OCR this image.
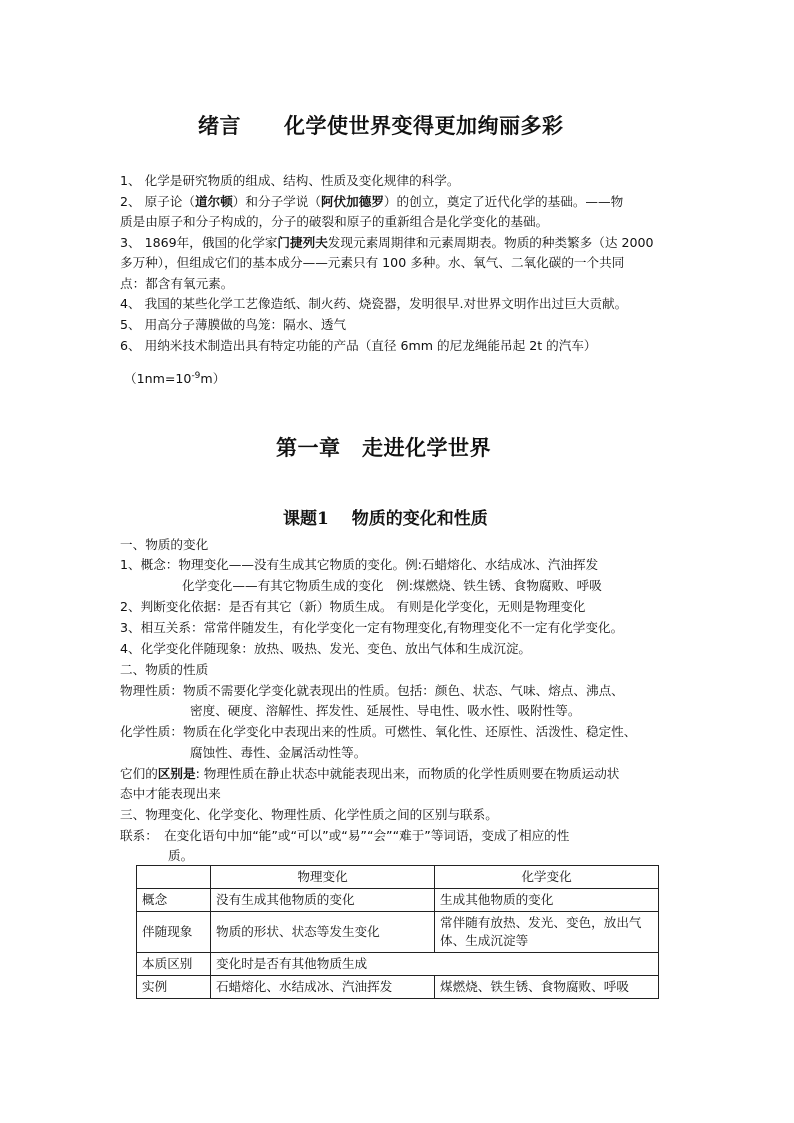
绪言　　化学使世界变得更加绚丽多彩
1、 化学是研究物质的组成、结构、性质及变化规律的科学。
2、 原子论（道尔顿）和分子学说（阿伏加德罗）的创立，奠定了近代化学的基础。——物
质是由原子和分子构成的，分子的破裂和原子的重新组合是化学变化的基础。
3、 1869年，俄国的化学家门捷列夫发现元素周期律和元素周期表。物质的种类繁多（达 2000
多万种），但组成它们的基本成分——元素只有 100 多种。水、氧气、二氧化碳的一个共同
点：都含有氧元素。
4、 我国的某些化学工艺像造纸、制火药、烧瓷器，发明很早.对世界文明作出过巨大贡献。
5、 用高分子薄膜做的鸟笼：隔水、透气
6、 用纳米技术制造出具有特定功能的产品（直径 6mm 的尼龙绳能吊起 2t 的汽车）
$(1nm=10^{-9}m)$
第一章　走进化学世界
课题1　 物质的变化和性质
一、物质的变化
1、概念：物理变化——没有生成其它物质的变化。例:石蜡熔化、水结成冰、汽油挥发
化学变化——有其它物质生成的变化　例:煤燃烧、铁生锈、食物腐败、呼吸
2、判断变化依据：是否有其它（新）物质生成。 有则是化学变化，无则是物理变化
3、相互关系：常常伴随发生，有化学变化一定有物理变化,有物理变化不一定有化学变化。
4、化学变化伴随现象：放热、吸热、发光、变色、放出气体和生成沉淀。
二、物质的性质
物理性质：物质不需要化学变化就表现出的性质。包括：颜色、状态、气味、熔点、沸点、
密度、硬度、溶解性、挥发性、延展性、导电性、吸水性、吸附性等。
化学性质：物质在化学变化中表现出来的性质。可燃性、氧化性、还原性、活泼性、稳定性、
腐蚀性、毒性、金属活动性等。
它们的区别是: 物理性质在静止状态中就能表现出来，而物质的化学性质则要在物质运动状
态中才能表现出来
三、物理变化、化学变化、物理性质、化学性质之间的区别与联系。
联系：　在变化语句中加“能”或“可以”或“易”“会”“难于”等词语，变成了相应的性
质。
	物理变化	化学变化
概念	没有生成其他物质的变化	生成其他物质的变化
伴随现象	物质的形状、状态等发生变化	常伴随有放热、发光、变色，放出气体、生成沉淀等
本质区别	变化时是否有其他物质生成	
实例	石蜡熔化、水结成冰、汽油挥发	煤燃烧、铁生锈、食物腐败、呼吸
